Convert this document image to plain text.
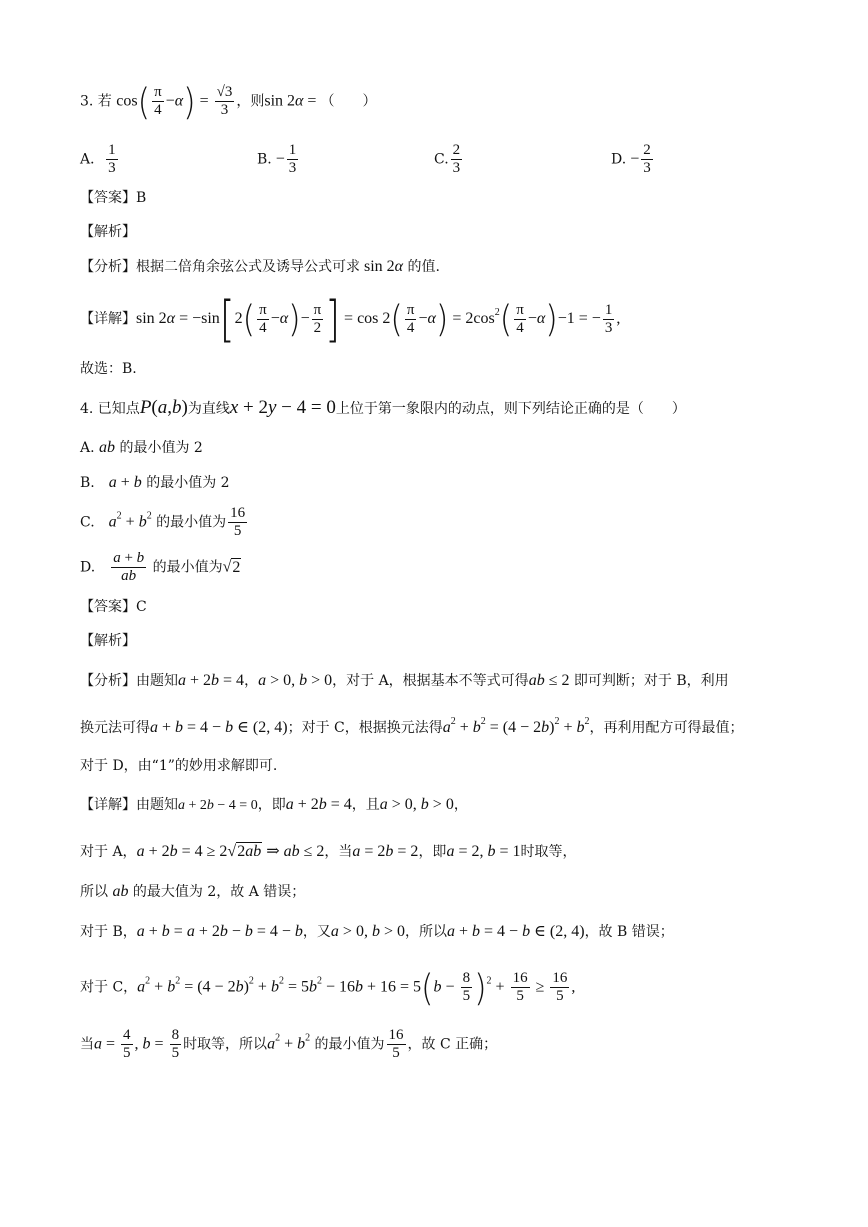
3. 若 $\cos( \frac{\pi}{4} -\alpha) = \frac{√3}{3}$ ，则sin 2α = （　　）
A． $\frac{1}{3}$	B. − $\frac{1}{3}$	C. $\frac{2}{3}$	D. − $\frac{2}{3}$
【答案】B
【解析】
【分析】根据二倍角余弦公式及诱导公式可求 sin 2α 的值.
【详解】$\sin 2\alpha = -\sin[2( \frac{\pi}{4} -\alpha)- \frac{\pi}{2}$ ] = $\cos 2( \frac{\pi}{4} -\alpha) = 2\cos^2( \frac{\pi}{4} -\alpha)-1$ = − $\frac{1}{3}$ ,
故选：B.
4. 已知点P(a,b)为直线x + 2y − 4 = 0上位于第一象限内的动点，则下列结论正确的是（　　）
A. ab 的最小值为 2
B.　 a + b 的最小值为 2
C.　 $a^2 + b^2$ 的最小值为 $\frac{16}{5}$
D.　 $\frac{a + b}{ab}$ 的最小值为√2
【答案】C
【解析】
【分析】由题知a + 2b = 4，a > 0, b > 0，对于 A，根据基本不等式可得ab ≤ 2 即可判断；对于 B，利用
换元法可得a + b = 4 − b ∈ (2, 4)；对于 C，根据换元法得$a^2 + b^2 = (4 - 2b)^2 + b^2$，再利用配方可得最值；
对于 D，由“1”的妙用求解即可.
【详解】由题知a + 2b − 4 = 0，即a + 2b = 4，且a > 0, b > 0，
对于 A，a + 2b = 4 ≥ 2√2ab ⇒ ab ≤ 2，当a = 2b = 2，即a = 2, b = 1时取等，
所以 ab 的最大值为 2，故 A 错误；
对于 B，a + b = a + 2b − b = 4 − b，又a > 0, b > 0，所以a + b = 4 − b ∈ (2, 4)，故 B 错误；
对于 C，$a^2 + b^2 = (4 - 2b)^2 + b^2 = 5b^2 - 16b + 16 = 5(b - \frac{8}{5} )^2 + \frac{16}{5} \ge \frac{16}{5}$ ,
当$a = \frac{4}{5}$ , $b = \frac{8}{5}$ 时取等，所以$a^2 + b^2$ 的最小值为 $\frac{16}{5}$ ，故 C 正确；
